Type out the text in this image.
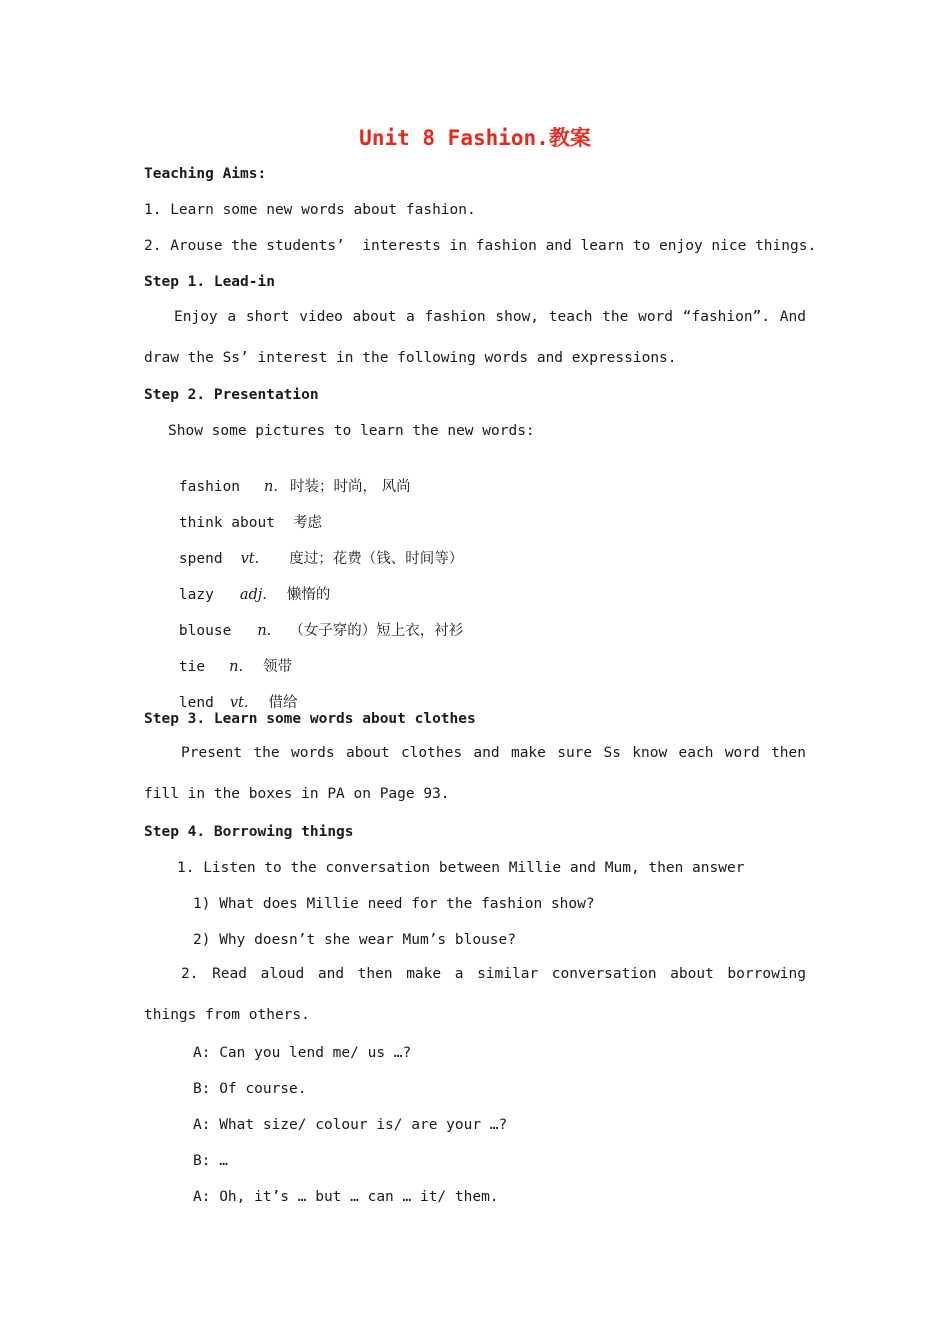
Unit 8 Fashion.教案
Teaching Aims:
1. Learn some new words about fashion.
2. Arouse the students’  interests in fashion and learn to enjoy nice things.
Step 1. Lead-in
Enjoy a short video about a fashion show, teach the word “fashion”. And draw the Ss’ interest in the following words and expressions.
Step 2. Presentation
Show some pictures to learn the new words:

fashion n. 时装；时尚， 风尚

think about 考虑

spend vt. 度过；花费（钱、时间等）

lazy adj. 懒惰的

blouse n. （女子穿的）短上衣，衬衫

tie n. 领带

lend vt. 借给

Step 3. Learn some words about clothes
Present the words about clothes and make sure Ss know each word then fill in the boxes in PA on Page 93.
Step 4. Borrowing things
1. Listen to the conversation between Millie and Mum, then answer
1) What does Millie need for the fashion show?
2) Why doesn’t she wear Mum’s blouse?
2. Read aloud and then make a similar conversation about borrowing things from others.
A: Can you lend me/ us …?
B: Of course.
A: What size/ colour is/ are your …?
B: …
A: Oh, it’s … but … can … it/ them.
